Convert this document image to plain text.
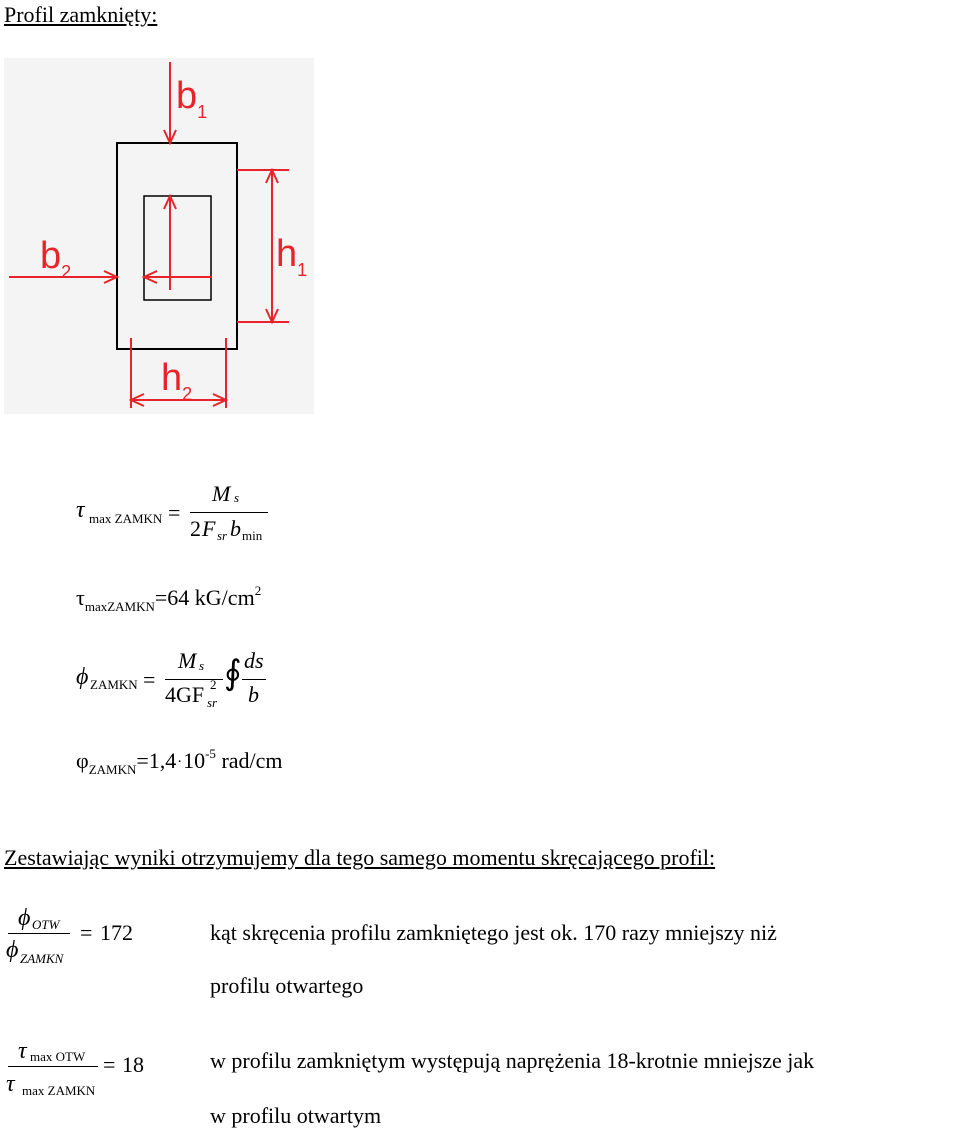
Profil zamknięty:
$b_1$
$b_2$	$h_1$
$h_2$
τ max ZAMKN =
M s
2 F sr b min
$\tau_{maxZAMKN}=64$ $kG/cm^2$
ϕ ZAMKN =
M s
4GF 2
sr
∮ ds
b
$\varphi_{ZAMKN}=1,4\cdot 10^{-5}$ rad/cm
Zestawiając wyniki otrzymujemy dla tego samego momentu skręcającego profil:
ϕ OTW
ϕ ZAMKN
= 172	kąt skręcenia profilu zamkniętego jest ok. 170 razy mniejszy niż
profilu otwartego
τ max OTW
τ max ZAMKN
= 18	w profilu zamkniętym występują naprężenia 18-krotnie mniejsze jak
w profilu otwartym
